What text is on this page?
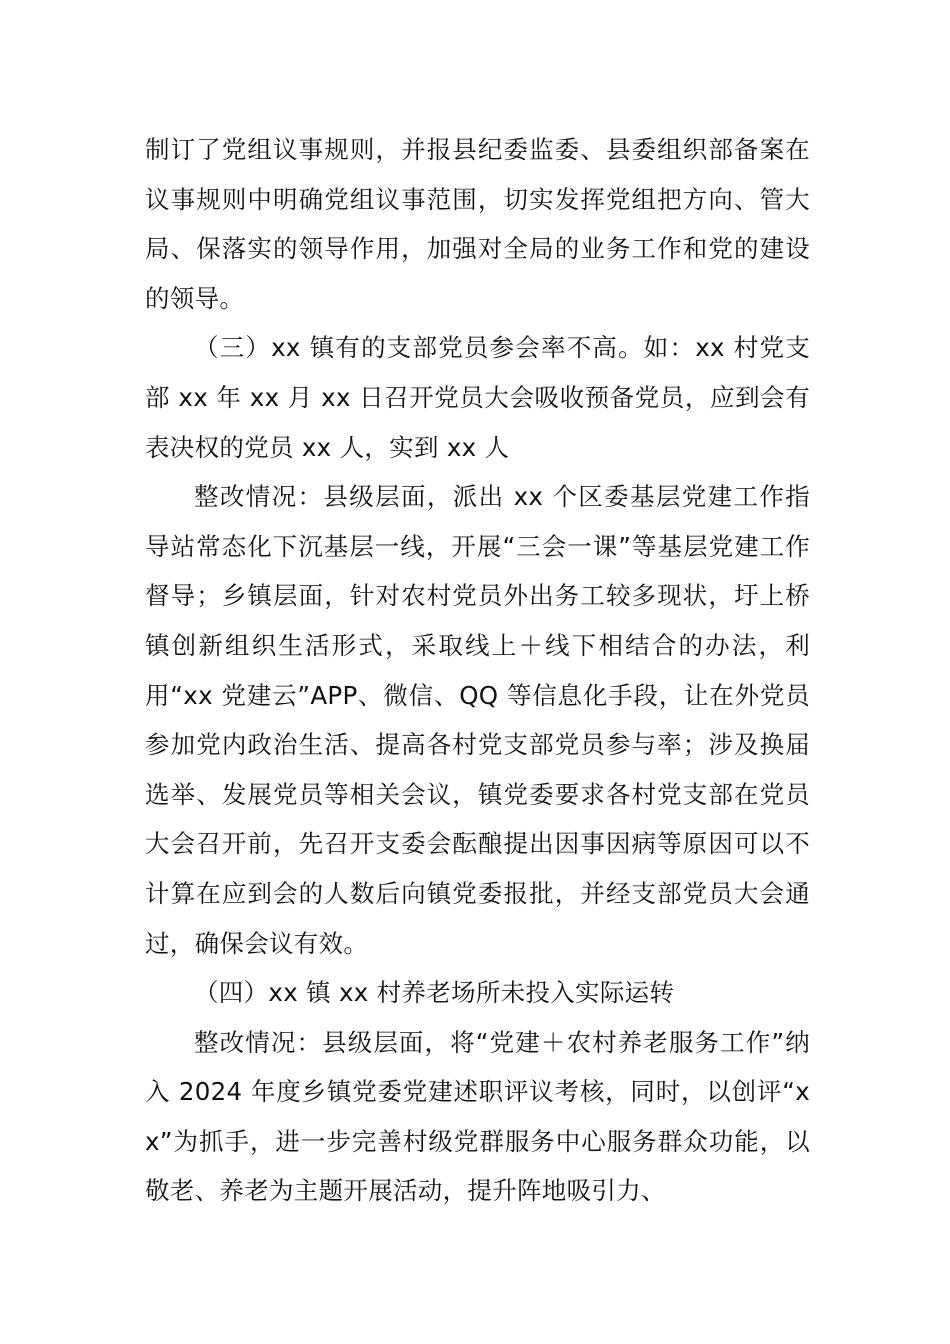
制订了党组议事规则，并报县纪委监委、县委组织部备案在议事规则中明确党组议事范围，切实发挥党组把方向、管大局、保落实的领导作用，加强对全局的业务工作和党的建设的领导。

（三）xx 镇有的支部党员参会率不高。如：xx 村党支部 xx 年 xx 月 xx 日召开党员大会吸收预备党员，应到会有表决权的党员 xx 人，实到 xx 人

整改情况：县级层面，派出 xx 个区委基层党建工作指导站常态化下沉基层一线，开展“三会一课”等基层党建工作督导；乡镇层面，针对农村党员外出务工较多现状，圩上桥镇创新组织生活形式，采取线上＋线下相结合的办法，利用“xx 党建云”APP、微信、QQ 等信息化手段，让在外党员参加党内政治生活、提高各村党支部党员参与率；涉及换届选举、发展党员等相关会议，镇党委要求各村党支部在党员大会召开前，先召开支委会酝酿提出因事因病等原因可以不计算在应到会的人数后向镇党委报批，并经支部党员大会通过，确保会议有效。

（四）xx 镇 xx 村养老场所未投入实际运转

整改情况：县级层面，将“党建＋农村养老服务工作”纳入 2024 年度乡镇党委党建述职评议考核，同时，以创评“xx”为抓手，进一步完善村级党群服务中心服务群众功能，以敬老、养老为主题开展活动，提升阵地吸引力、
